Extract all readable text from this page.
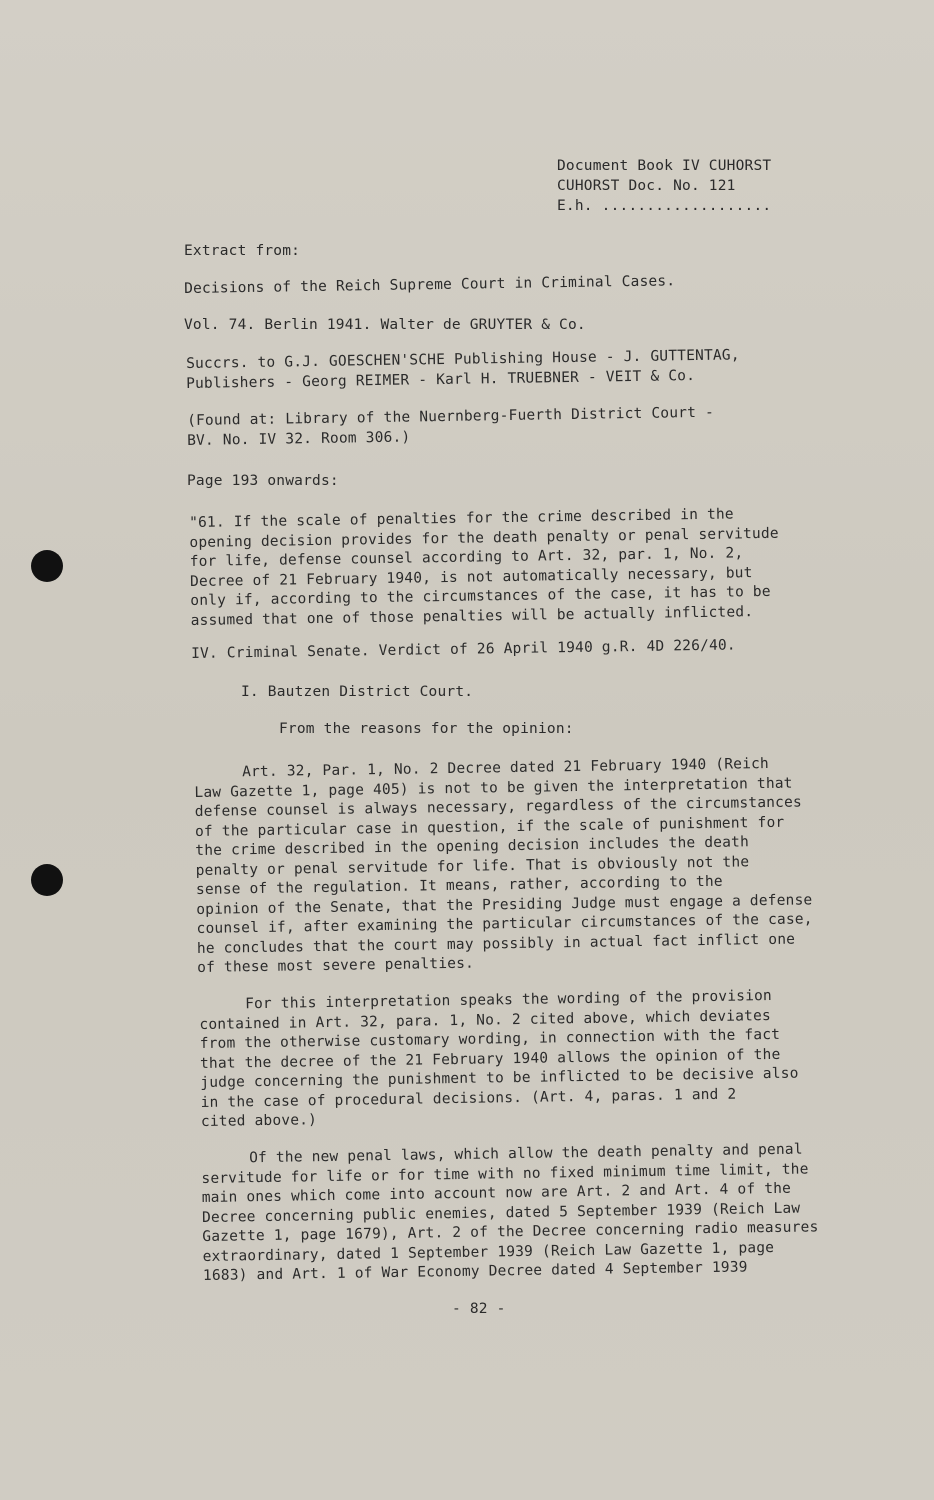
Document Book IV CUHORST
CUHORST Doc. No. 121
E.h. ...................
Extract from:
Decisions of the Reich Supreme Court in Criminal Cases.
Vol. 74. Berlin 1941. Walter de GRUYTER & Co.
Succrs. to G.J. GOESCHEN'SCHE Publishing House - J. GUTTENTAG,
Publishers - Georg REIMER - Karl H. TRUEBNER - VEIT & Co.
(Found at: Library of the Nuernberg-Fuerth District Court -
BV. No. IV 32. Room 306.)
Page 193 onwards:
"61. If the scale of penalties for the crime described in the
opening decision provides for the death penalty or penal servitude
for life, defense counsel according to Art. 32, par. 1, No. 2,
Decree of 21 February 1940, is not automatically necessary, but
only if, according to the circumstances of the case, it has to be
assumed that one of those penalties will be actually inflicted.
IV. Criminal Senate. Verdict of 26 April 1940 g.R. 4D 226/40.
I. Bautzen District Court.
From the reasons for the opinion:
Art. 32, Par. 1, No. 2 Decree dated 21 February 1940 (Reich
Law Gazette 1, page 405) is not to be given the interpretation that
defense counsel is always necessary, regardless of the circumstances
of the particular case in question, if the scale of punishment for
the crime described in the opening decision includes the death
penalty or penal servitude for life. That is obviously not the
sense of the regulation. It means, rather, according to the
opinion of the Senate, that the Presiding Judge must engage a defense
counsel if, after examining the particular circumstances of the case,
he concludes that the court may possibly in actual fact inflict one
of these most severe penalties.
For this interpretation speaks the wording of the provision
contained in Art. 32, para. 1, No. 2 cited above, which deviates
from the otherwise customary wording, in connection with the fact
that the decree of the 21 February 1940 allows the opinion of the
judge concerning the punishment to be inflicted to be decisive also
in the case of procedural decisions. (Art. 4, paras. 1 and 2
cited above.)
Of the new penal laws, which allow the death penalty and penal
servitude for life or for time with no fixed minimum time limit, the
main ones which come into account now are Art. 2 and Art. 4 of the
Decree concerning public enemies, dated 5 September 1939 (Reich Law
Gazette 1, page 1679), Art. 2 of the Decree concerning radio measures
extraordinary, dated 1 September 1939 (Reich Law Gazette 1, page
1683) and Art. 1 of War Economy Decree dated 4 September 1939
- 82 -
